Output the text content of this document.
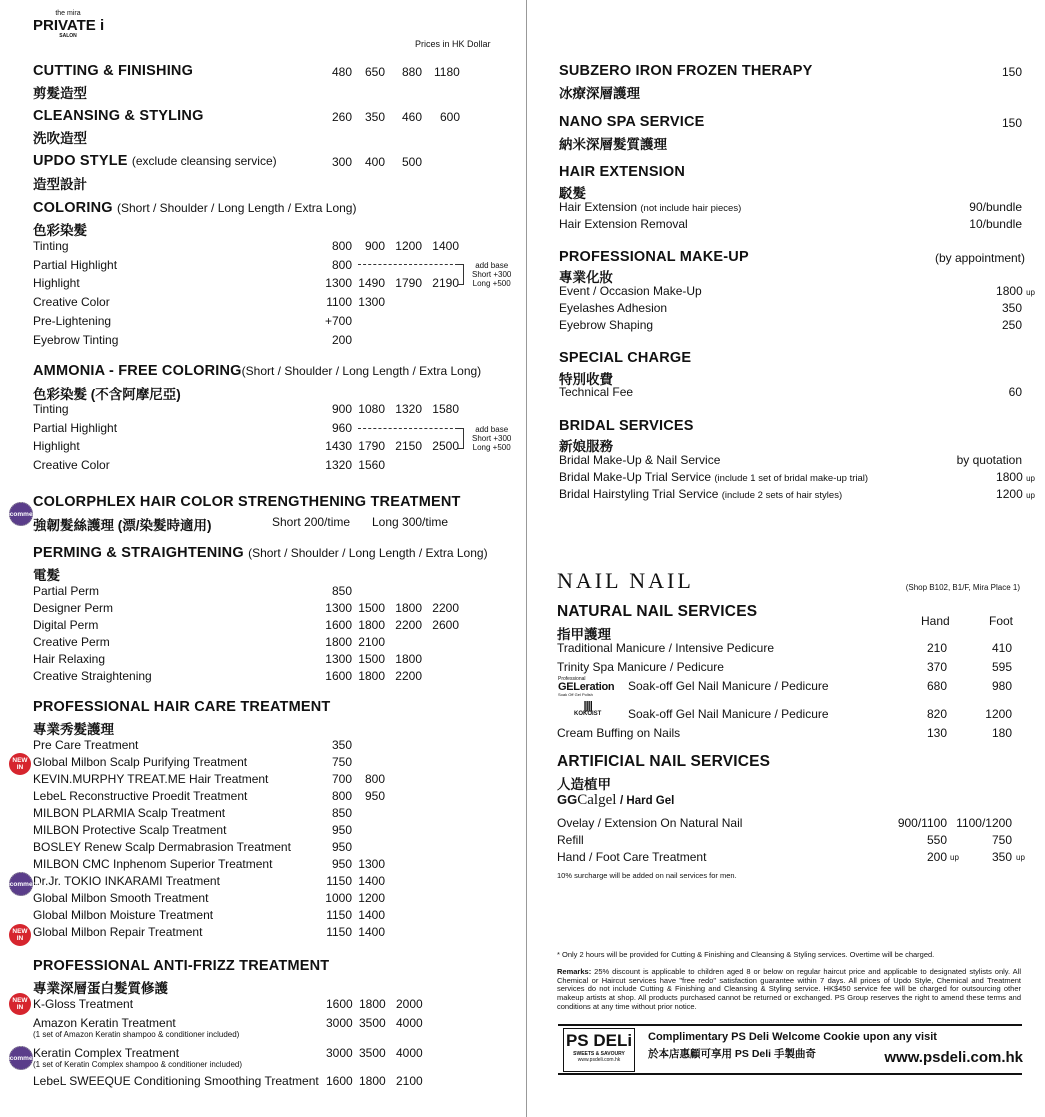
the mira
PRIVATE i
SALON
Prices in HK Dollar
CUTTING & FINISHING
剪髮造型
480 650 880 1180
CLEANSING & STYLING
洗吹造型
260 350 460 600
UPDO STYLE (exclude cleansing service)
造型設計
300 400 500
COLORING (Short / Shoulder / Long Length / Extra Long)
色彩染髮
Tinting	800	900 1200 1400
Partial Highlight	800
Highlight	1300 1490 1790 2190
Creative Color	1100 1300
Pre-Lightening	+700
Eyebrow Tinting	200
add base
Short +300
Long +500
AMMONIA - FREE COLORING(Short / Shoulder / Long Length / Extra Long)
色彩染髮 (不含阿摩尼亞)
Tinting	900 1080 1320 1580
Partial Highlight	960
Highlight	1430 1790 2150 2500
Creative Color	1320 1560
add base
Short +300
Long +500
Recommend
COLORPHLEX HAIR COLOR STRENGTHENING TREATMENT
強韌髮絲護理 (漂/染髮時適用)	Short 200/time Long 300/time
PERMING & STRAIGHTENING (Short / Shoulder / Long Length / Extra Long)
電髮
Partial Perm	850
Designer Perm	1300 1500 1800 2200
Digital Perm	1600 1800 2200 2600
Creative Perm	1800 2100
Hair Relaxing	1300 1500 1800
Creative Straightening	1600 1800 2200
PROFESSIONAL HAIR CARE TREATMENT
專業秀髮護理
Pre Care Treatment	350
Global Milbon Scalp Purifying Treatment	750
KEVIN.MURPHY TREAT.ME Hair Treatment	700	800
LebeL Reconstructive Proedit Treatment	800	950
MILBON PLARMIA Scalp Treatment	850
MILBON Protective Scalp Treatment	950
BOSLEY Renew Scalp Dermabrasion Treatment	950
MILBON CMC Inphenom Superior Treatment	950 1300
Dr.Jr. TOKIO INKARAMI Treatment	1150 1400
Global Milbon Smooth Treatment	1000 1200
Global Milbon Moisture Treatment	1150 1400
Global Milbon Repair Treatment	1150 1400
NEW IN
Recommend
NEW IN
PROFESSIONAL ANTI-FRIZZ TREATMENT
專業深層蛋白髮質修護
NEW IN K-Gloss Treatment	1600 1800 2000
Amazon Keratin Treatment
(1 set of Amazon Keratin shampoo & conditioner included)
3000 3500 4000
Recommend
Keratin Complex Treatment
(1 set of Keratin Complex shampoo & conditioner included)
3000 3500 4000
LebeL SWEEQUE Conditioning Smoothing Treatment 1600 1800 2100
SUBZERO IRON FROZEN THERAPY
冰療深層護理
150
NANO SPA SERVICE
納米深層髮質護理
150
HAIR EXTENSION
駁髮
Hair Extension (not include hair pieces)	90/bundle
Hair Extension Removal	10/bundle
PROFESSIONAL MAKE-UP	(by appointment)
專業化妝
Event / Occasion Make-Up	1800 up
Eyelashes Adhesion	350
Eyebrow Shaping	250
SPECIAL CHARGE
特別收費
Technical Fee	60
BRIDAL SERVICES
新娘服務
Bridal Make-Up & Nail Service	by quotation
Bridal Make-Up Trial Service (include 1 set of bridal make-up trial)	1800 up
Bridal Hairstyling Trial Service (include 2 sets of hair styles)	1200 up
NAIL NAIL	(Shop B102, B1/F, Mira Place 1)
NATURAL NAIL SERVICES
指甲護理
Hand	Foot
Traditional Manicure / Intensive Pedicure	210	410
Trinity Spa Manicure / Pedicure	370	595
Soak-off Gel Nail Manicure / Pedicure	680	980
Soak-off Gel Nail Manicure / Pedicure	820	1200
Cream Buffing on Nails	130	180
Professional
GELeration
Soak Off Gel Polish
||||
KOKOIST
ARTIFICIAL NAIL SERVICES
人造植甲
GGCalgel / Hard Gel
Ovelay / Extension On Natural Nail	900/1100 1100/1200
Refill	550	750
Hand / Foot Care Treatment	200	350
up	up
10% surcharge will be added on nail services for men.
* Only 2 hours will be provided for Cutting & Finishing and Cleansing & Styling services. Overtime will be charged.
Remarks: 25% discount is applicable to children aged 8 or below on regular haircut price and applicable to designated stylists only. All Chemical or Haircut services have "free redo" satisfaction guarantee within 7 days. All prices of Updo Style, Chemical and Treatment services do not include Cutting & Finishing and Cleansing & Styling service. HK$450 service fee will be charged for outsourcing other makeup artists at shop. All products purchased cannot be returned or exchanged. PS Group reserves the right to amend these terms and conditions at any time without prior notice.
PS DELi
SWEETS & SAVOURY
www.psdeli.com.hk
Complimentary PS Deli Welcome Cookie upon any visit
於本店惠顧可享用 PS Deli 手製曲奇	www.psdeli.com.hk
